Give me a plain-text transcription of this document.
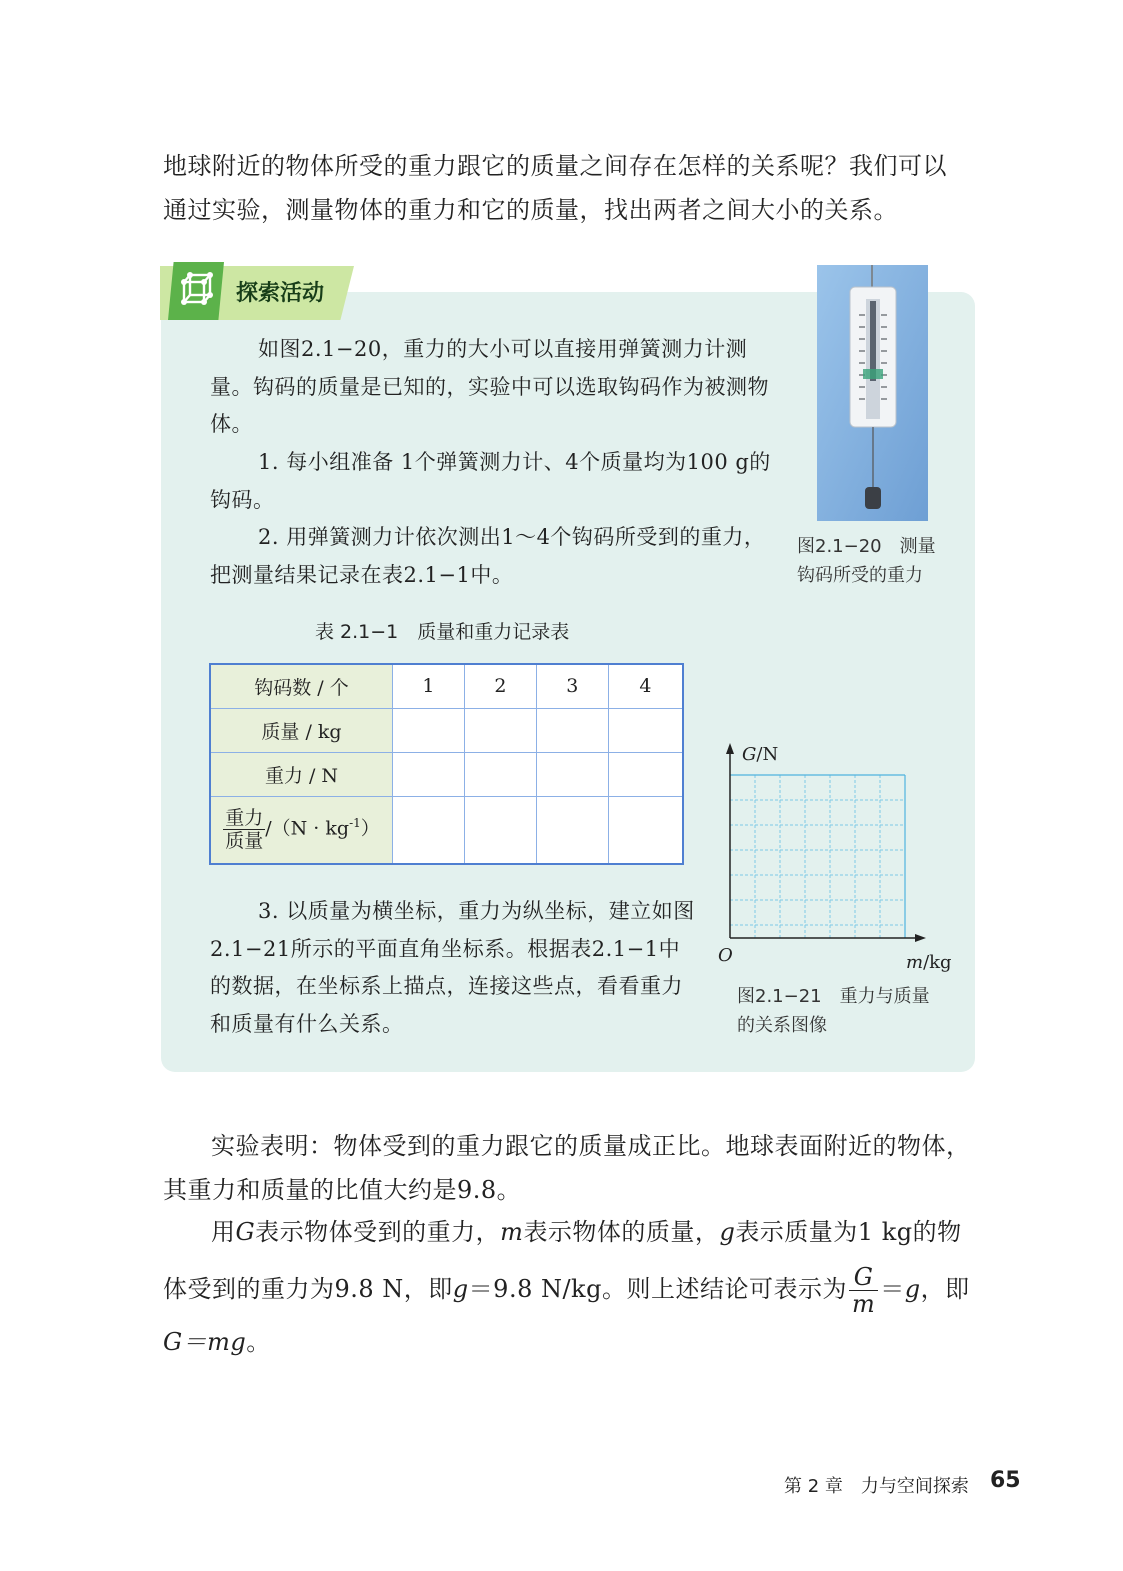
地球附近的物体所受的重力跟它的质量之间存在怎样的关系呢？我们可以

通过实验，测量物体的重力和它的质量，找出两者之间大小的关系。

探索活动

如图2.1−20，重力的大小可以直接用弹簧测力计测量。钩码的质量是已知的，实验中可以选取钩码作为被测物体。

1. 每小组准备 1个弹簧测力计、4个质量均为100 g的钩码。

2. 用弹簧测力计依次测出1～4个钩码所受到的重力，把测量结果记录在表2.1−1中。

图2.1−20　测量
钩码所受的重力
表 2.1−1　质量和重力记录表
钩码数 / 个	1	2	3	4
质量 / kg				
重力 / N				

$\frac{\text{重力}}{\text{质量}} /(N \cdot kg^{-1})$				
G/N
O	m/kg
图2.1−21　重力与质量
的关系图像

3. 以质量为横坐标，重力为纵坐标，建立如图2.1−21所示的平面直角坐标系。根据表2.1−1中的数据，在坐标系上描点，连接这些点，看看重力和质量有什么关系。

实验表明：物体受到的重力跟它的质量成正比。地球表面附近的物体，

其重力和质量的比值大约是9.8。

用G表示物体受到的重力，m表示物体的质量，g表示质量为1 kg的物

体受到的重力为9.8 N，即g＝9.8 N/kg。则上述结论可表示为 $\frac{G}{m} =g$，即

G＝mg。

第 2 章　力与空间探索 65
